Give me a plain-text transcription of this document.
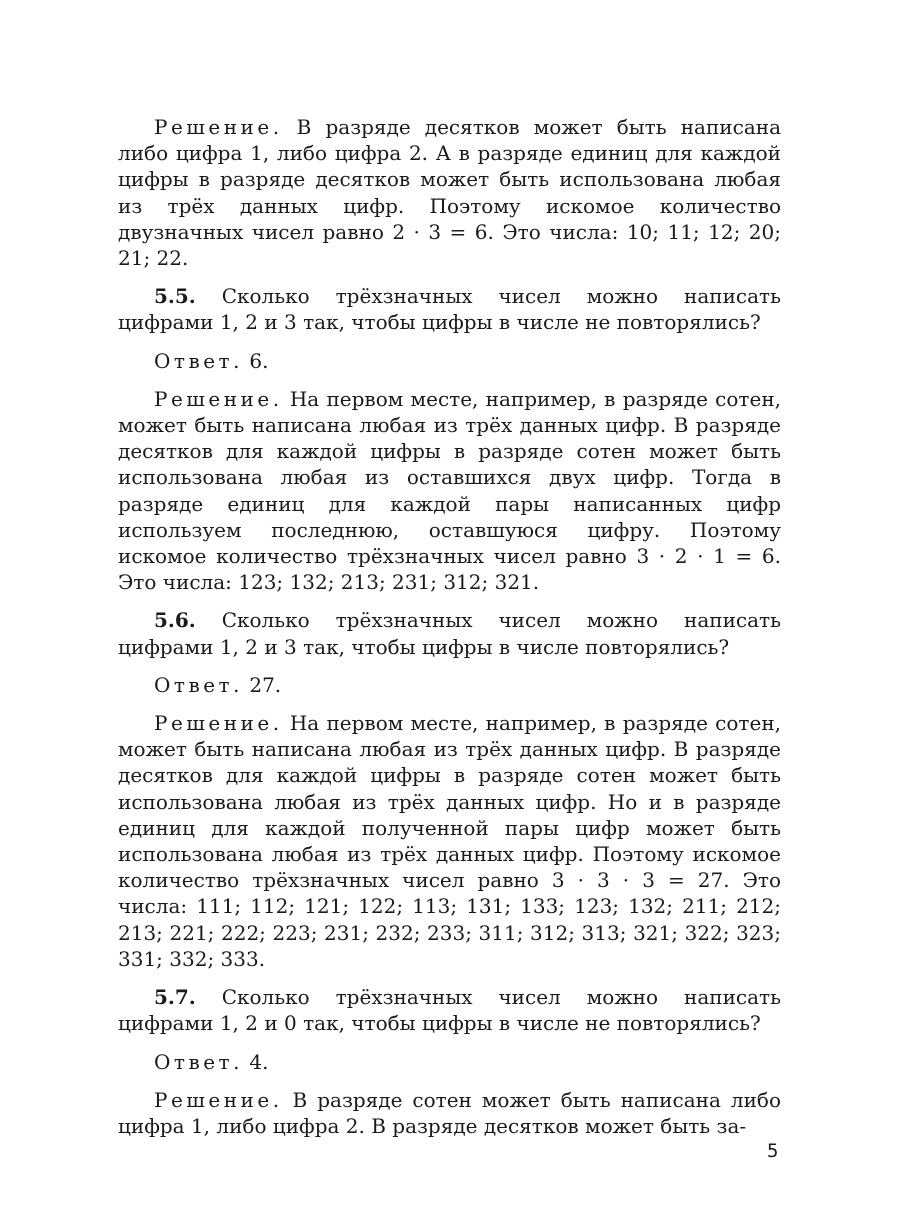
Решение. В разряде десятков может быть написана либо цифра 1, либо цифра 2. А в разряде единиц для каждой цифры в разряде десятков может быть использована любая из трёх данных цифр. Поэтому искомое количество двузначных чисел равно 2 · 3 = 6. Это числа: 10; 11; 12; 20; 21; 22.

5.5. Сколько трёхзначных чисел можно написать цифрами 1, 2 и 3 так, чтобы цифры в числе не повторялись?

Ответ. 6.

Решение. На первом месте, например, в разряде сотен, может быть написана любая из трёх данных цифр. В разряде десятков для каждой цифры в разряде сотен может быть использована любая из оставшихся двух цифр. Тогда в разряде единиц для каждой пары написанных цифр используем последнюю, оставшуюся цифру. Поэтому искомое количество трёхзначных чисел равно 3 · 2 · 1 = 6. Это числа: 123; 132; 213; 231; 312; 321.

5.6. Сколько трёхзначных чисел можно написать цифрами 1, 2 и 3 так, чтобы цифры в числе повторялись?

Ответ. 27.

Решение. На первом месте, например, в разряде сотен, может быть написана любая из трёх данных цифр. В разряде десятков для каждой цифры в разряде сотен может быть использована любая из трёх данных цифр. Но и в разряде единиц для каждой полученной пары цифр может быть использована любая из трёх данных цифр. Поэтому искомое количество трёхзначных чисел равно 3 · 3 · 3 = 27. Это числа: 111; 112; 121; 122; 113; 131; 133; 123; 132; 211; 212; 213; 221; 222; 223; 231; 232; 233; 311; 312; 313; 321; 322; 323; 331; 332; 333.

5.7. Сколько трёхзначных чисел можно написать цифрами 1, 2 и 0 так, чтобы цифры в числе не повторялись?

Ответ. 4.

Решение. В разряде сотен может быть написана либо цифра 1, либо цифра 2. В разряде десятков может быть за-

5
